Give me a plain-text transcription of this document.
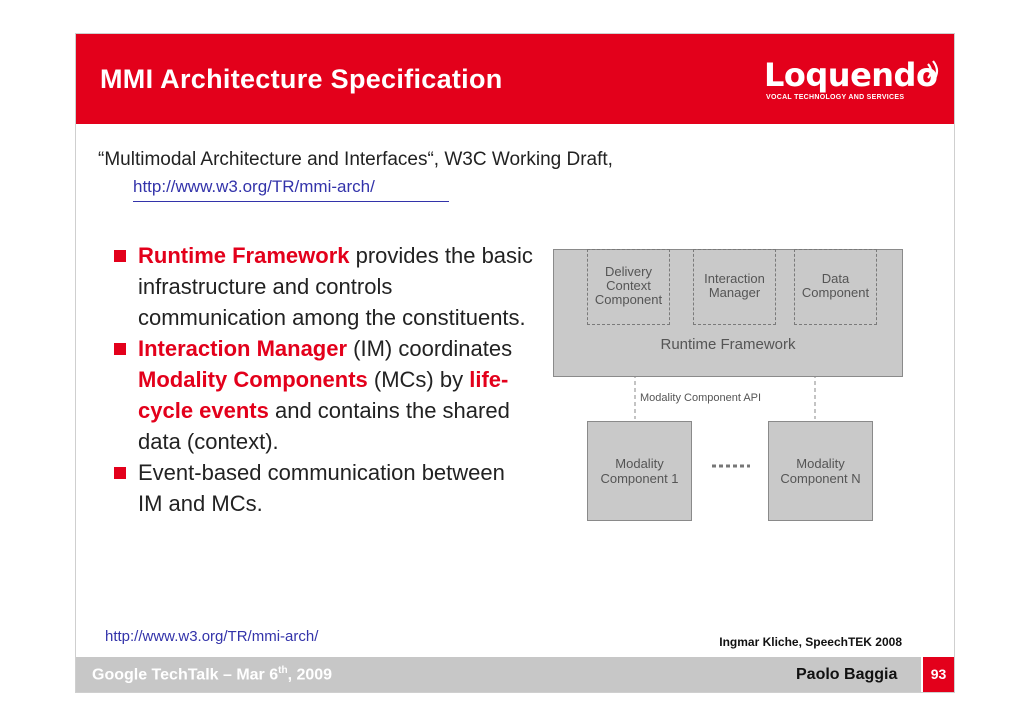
MMI Architecture Specification	Loquendo
VOCAL TECHNOLOGY AND SERVICES
“Multimodal Architecture and Interfaces“, W3C Working Draft,
http://www.w3.org/TR/mmi-arch/
Runtime Framework provides the basic infrastructure and controls communication among the constituents.
Interaction Manager (IM) coordinates Modality Components (MCs) by life-cycle events and contains the shared data (context).
Event-based communication between IM and MCs.
Runtime Framework
Delivery
Context
Component
Interaction
Manager
Data
Component
Modality Component API
Modality
Component 1
Modality
Component N
http://www.w3.org/TR/mmi-arch/	Ingmar Kliche, SpeechTEK 2008
Google TechTalk – Mar 6th, 2009	Paolo Baggia	93
